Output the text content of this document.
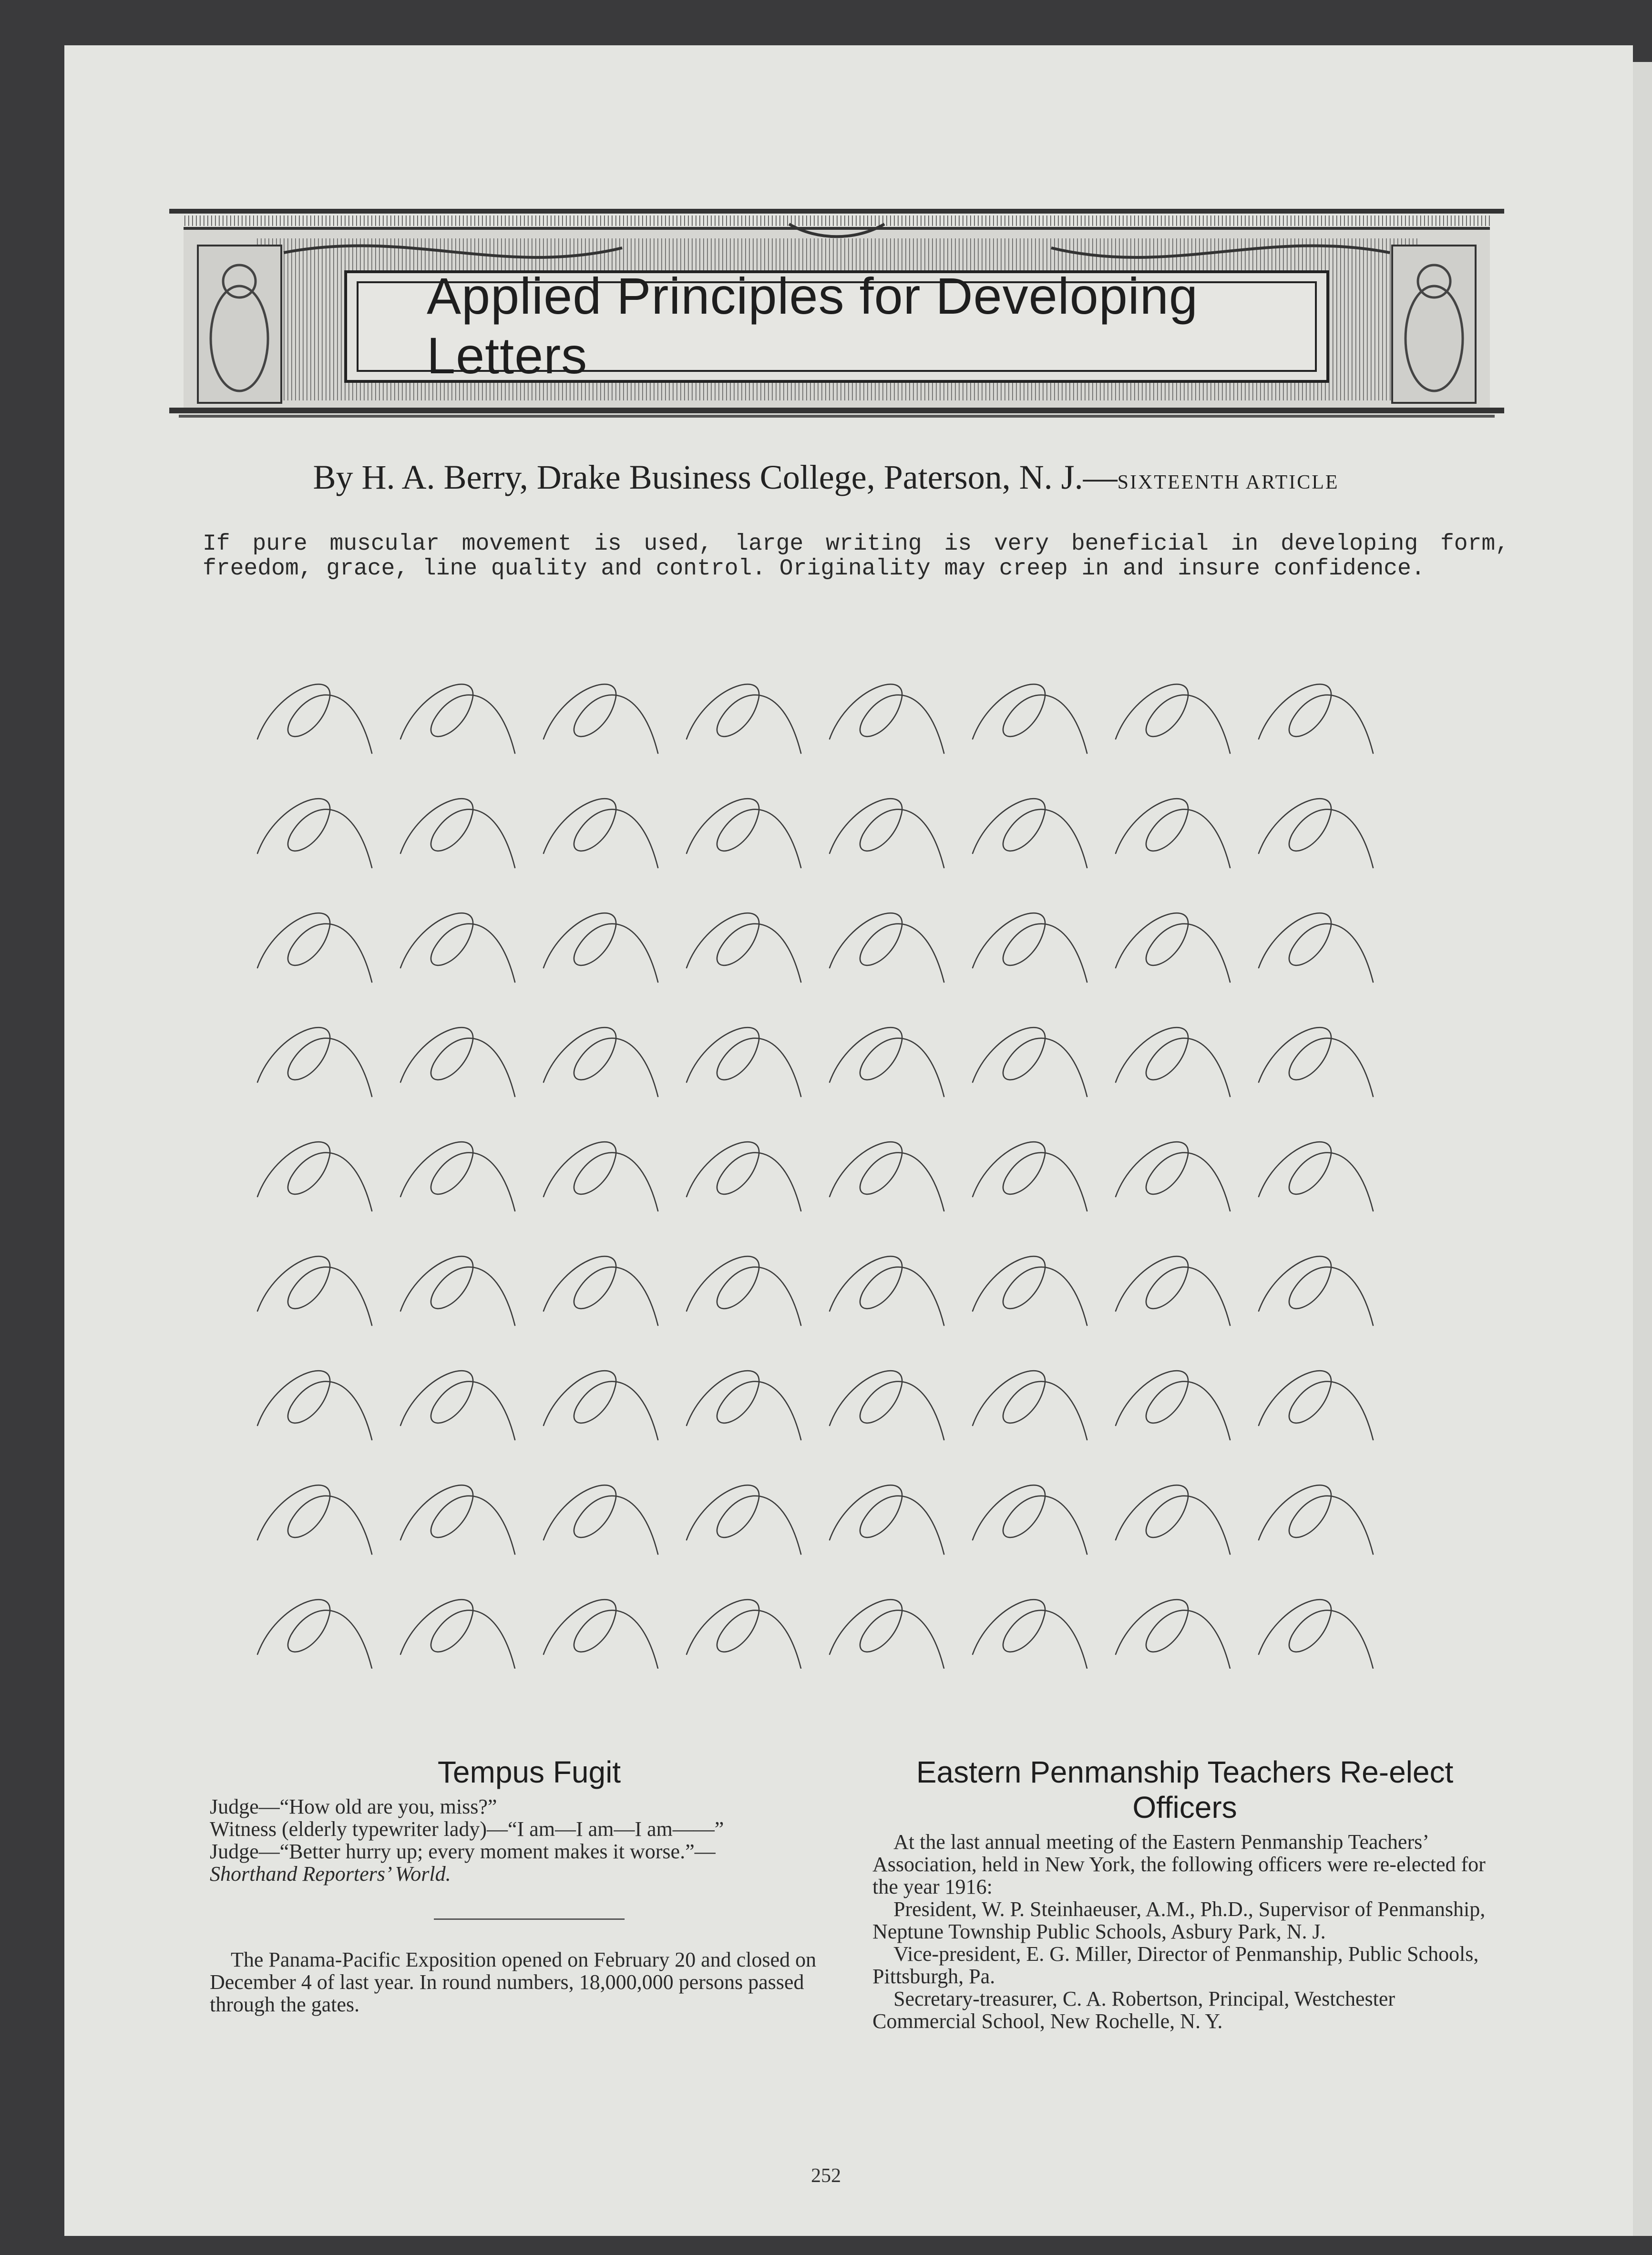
Applied Principles for Developing Letters
By H. A. Berry, Drake Business College, Paterson, N. J.—SIXTEENTH ARTICLE
If pure muscular movement is used, large writing is very beneficial in developing form, freedom, grace, line quality and control. Originality may creep in and insure confidence.
Tempus Fugit

Judge—“How old are you, miss?”

Witness (elderly typewriter lady)—“I am—I am—I am——”

Judge—“Better hurry up; every moment makes it worse.”—

Shorthand Reporters’ World.

The Panama-Pacific Exposition opened on February 20 and closed on December 4 of last year. In round numbers, 18,000,000 persons passed through the gates.

Eastern Penmanship Teachers Re-elect Officers

At the last annual meeting of the Eastern Penmanship Teachers’ Association, held in New York, the following officers were re-elected for the year 1916:

President, W. P. Steinhaeuser, A.M., Ph.D., Supervisor of Penmanship, Neptune Township Public Schools, Asbury Park, N. J.

Vice-president, E. G. Miller, Director of Penmanship, Public Schools, Pittsburgh, Pa.

Secretary-treasurer, C. A. Robertson, Principal, Westchester Commercial School, New Rochelle, N. Y.

252
